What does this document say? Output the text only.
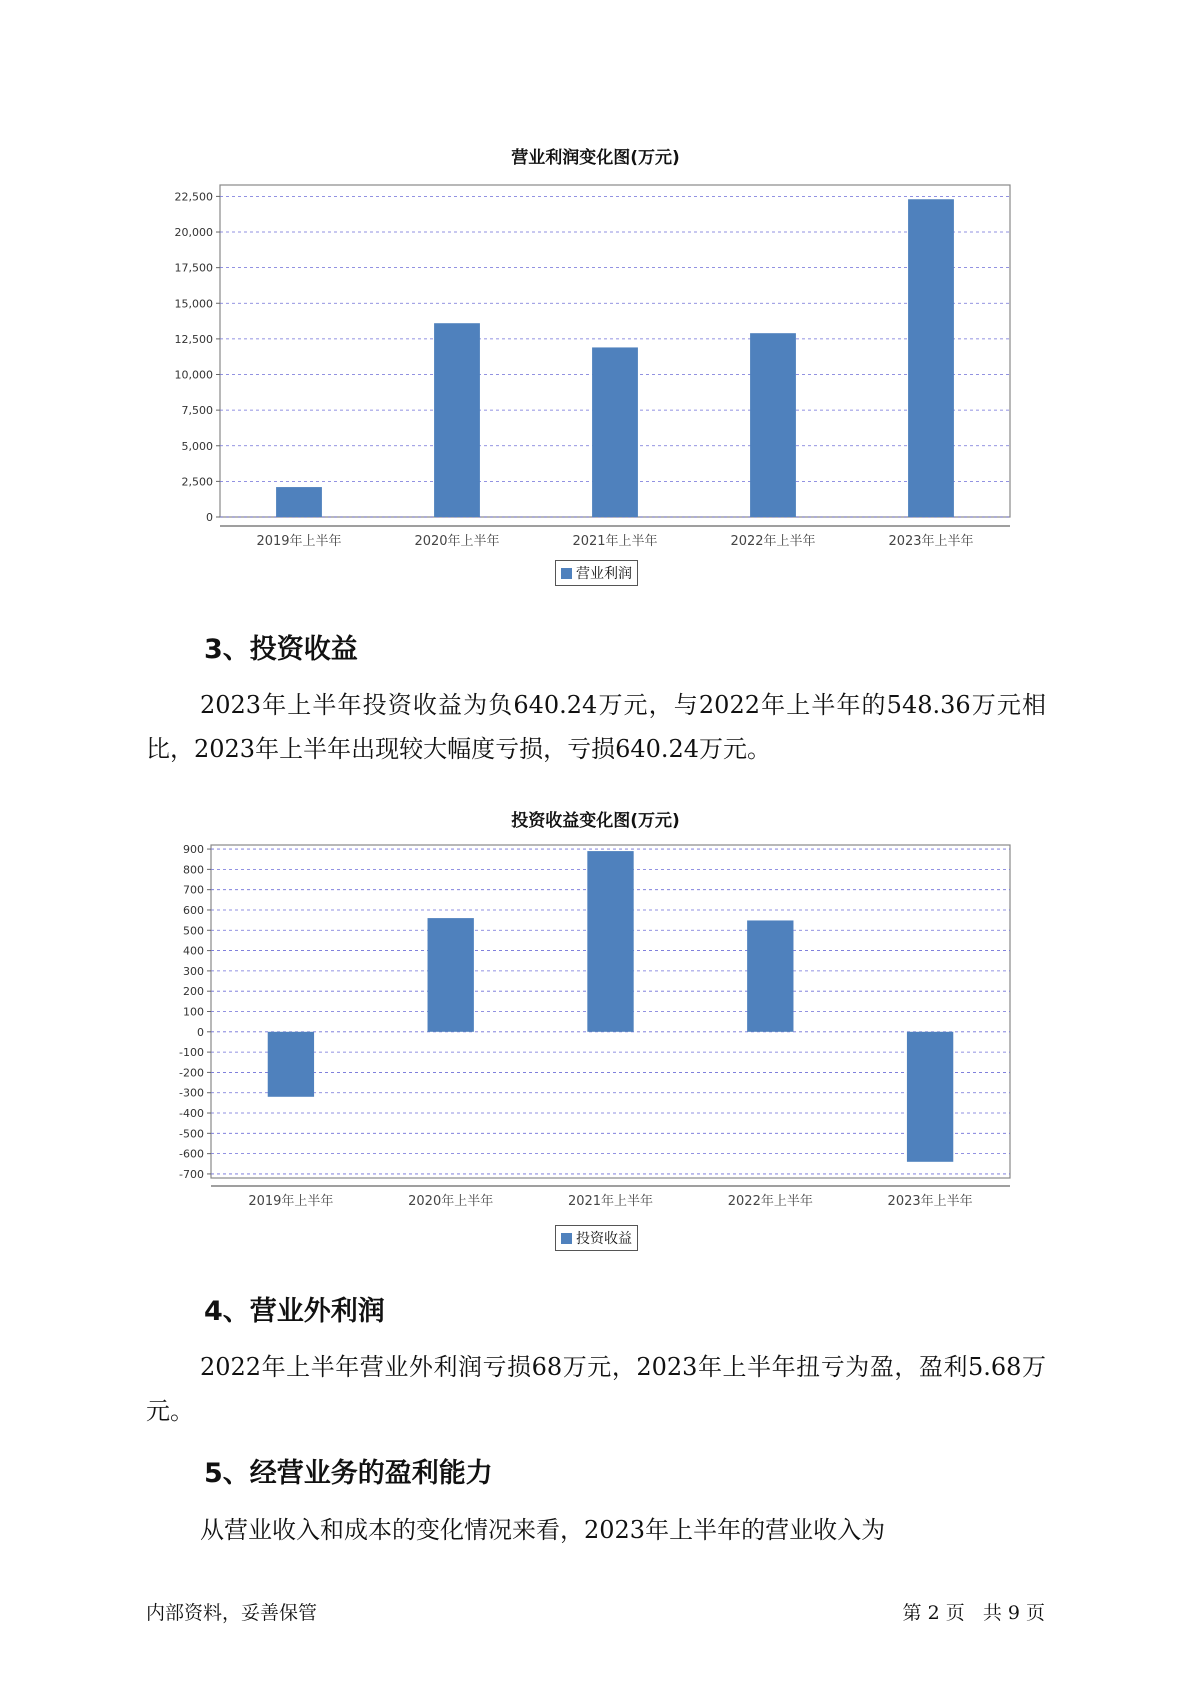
营业利润变化图(万元)
0
2,500
5,000
7,500
10,000
12,500
15,000
17,500
20,000
22,500
2019年上半年	2020年上半年	2021年上半年	2022年上半年	2023年上半年
营业利润
3、投资收益

2023年上半年投资收益为负640.24万元，与2022年上半年的548.36万元相比，2023年上半年出现较大幅度亏损，亏损640.24万元。

投资收益变化图(万元)
900
800
700
600
500
400
300
200
100
0
-100
-200
-300
-400
-500
-600
-700
2019年上半年	2020年上半年	2021年上半年	2022年上半年	2023年上半年
投资收益
4、营业外利润

2022年上半年营业外利润亏损68万元，2023年上半年扭亏为盈，盈利5.68万元。

5、经营业务的盈利能力

从营业收入和成本的变化情况来看，2023年上半年的营业收入为

内部资料，妥善保管	第 2 页   共 9 页
